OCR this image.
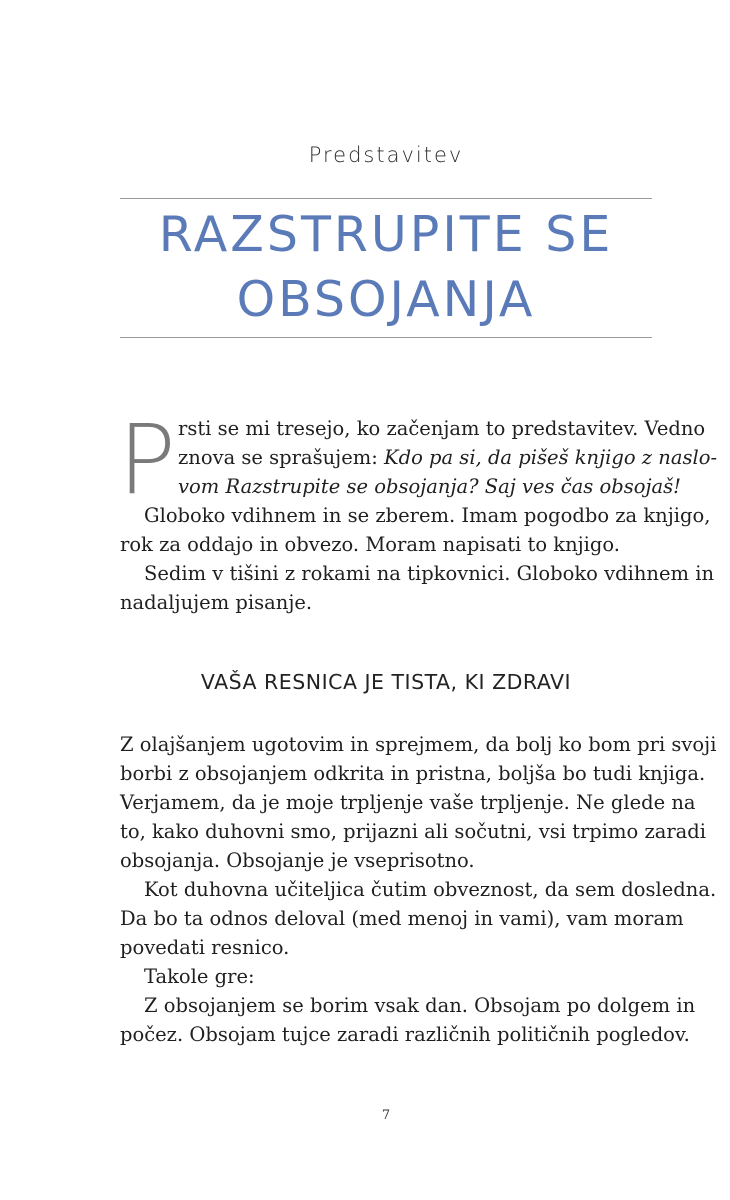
Predstavitev
RAZSTRUPITE SE
OBSOJANJA
P rsti se mi tresejo, ko začenjam to predstavitev. Vedno
znova se sprašujem: Kdo pa si, da pišeš knjigo z naslo-
vom Razstrupite se obsojanja? Saj ves čas obsojaš!
Globoko vdihnem in se zberem. Imam pogodbo za knjigo,
rok za oddajo in obvezo. Moram napisati to knjigo.
Sedim v tišini z rokami na tipkovnici. Globoko vdihnem in
nadaljujem pisanje.
VAŠA RESNICA JE TISTA, KI ZDRAVI
Z olajšanjem ugotovim in sprejmem, da bolj ko bom pri svoji
borbi z obsojanjem odkrita in pristna, boljša bo tudi knjiga.
Verjamem, da je moje trpljenje vaše trpljenje. Ne glede na
to, kako duhovni smo, prijazni ali sočutni, vsi trpimo zaradi
obsojanja. Obsojanje je vseprisotno.
Kot duhovna učiteljica čutim obveznost, da sem dosledna.
Da bo ta odnos deloval (med menoj in vami), vam moram
povedati resnico.
Takole gre:
Z obsojanjem se borim vsak dan. Obsojam po dolgem in
počez. Obsojam tujce zaradi različnih političnih pogledov.
7
